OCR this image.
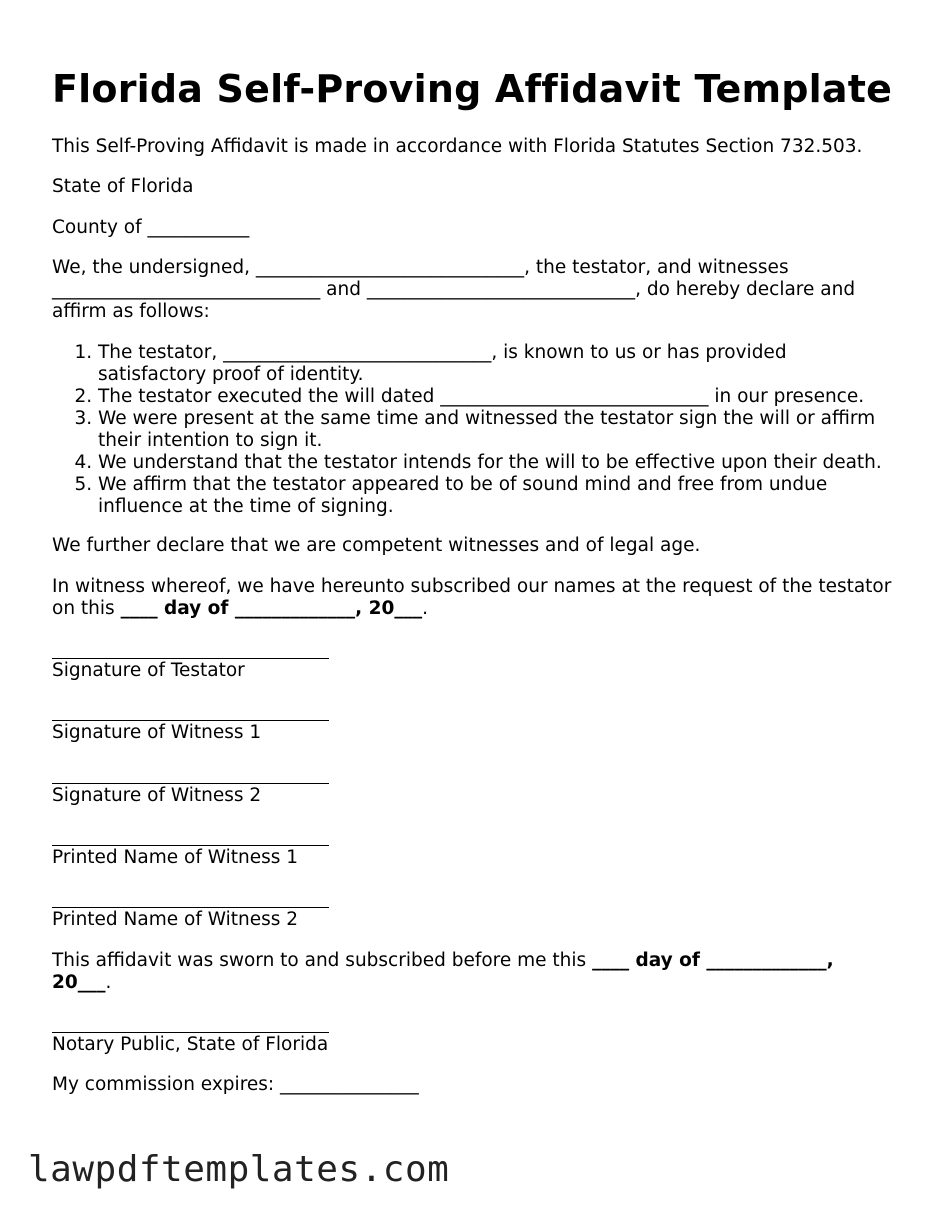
Florida Self-Proving Affidavit Template
This Self-Proving Affidavit is made in accordance with Florida Statutes Section 732.503.
State of Florida
County of ___________
We, the undersigned, _____________________________, the testator, and witnesses _____________________________ and _____________________________, do hereby declare and affirm as follows:
1. The testator, _____________________________, is known to us or has provided satisfactory proof of identity.
2. The testator executed the will dated _____________________________ in our presence.
3. We were present at the same time and witnessed the testator sign the will or affirm their intention to sign it.
4. We understand that the testator intends for the will to be effective upon their death.
5. We affirm that the testator appeared to be of sound mind and free from undue influence at the time of signing.
We further declare that we are competent witnesses and of legal age.
In witness whereof, we have hereunto subscribed our names at the request of the testator on this ____ day of _____________, 20___.
Signature of Testator
Signature of Witness 1
Signature of Witness 2
Printed Name of Witness 1
Printed Name of Witness 2
This affidavit was sworn to and subscribed before me this ____ day of _____________, 20___.
Notary Public, State of Florida
My commission expires: _______________
lawpdftemplates.com
